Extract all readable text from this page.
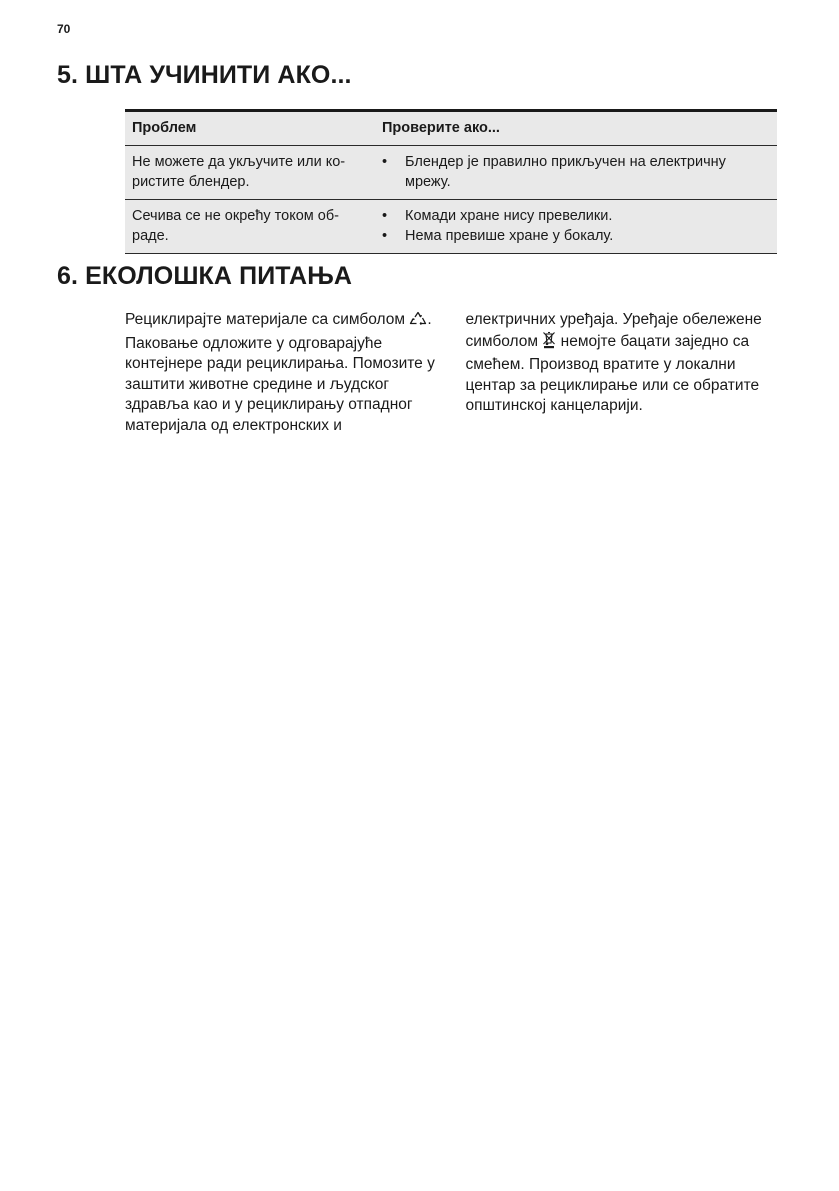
70
5. ШТА УЧИНИТИ АКО...
Проблем	Проверите ако...
Не можете да укључите или ко-ристите блендер.	
•	Блендер је правилно прикључен на електричну мрежу.

Сечива се не окрећу током об-раде.	
•	Комади хране нису превелики.
•	Нема превише хране у бокалу.
6. ЕКОЛОШКА ПИТАЊА

Рециклирајте материјале са симболом . Паковање одложите у одговарајуће контејнере ради рециклирања. Помозите у заштити животне средине и људског здравља као и у рециклирању отпадног материјала од електронских и

електричних уређаја. Уређаје обележене симболом  немојте бацати заједно са смећем. Производ вратите у локални центар за рециклирање или се обратите општинској канцеларији.
